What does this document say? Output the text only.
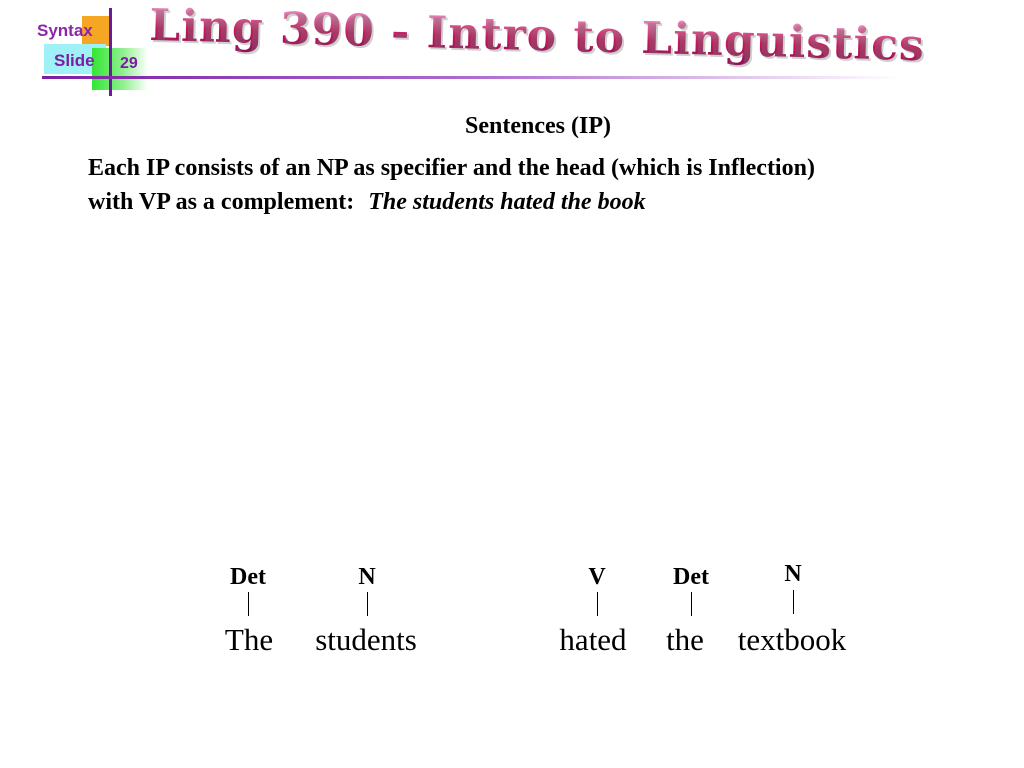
Syntax
Slide 29 Ling 390 - Intro to Linguistics
Sentences (IP)
Each IP consists of an NP as specifier and the head (which is Inflection)
with VP as a complement: The students hated the book
Det	N	V	Det	N
The students	hated the textbook
